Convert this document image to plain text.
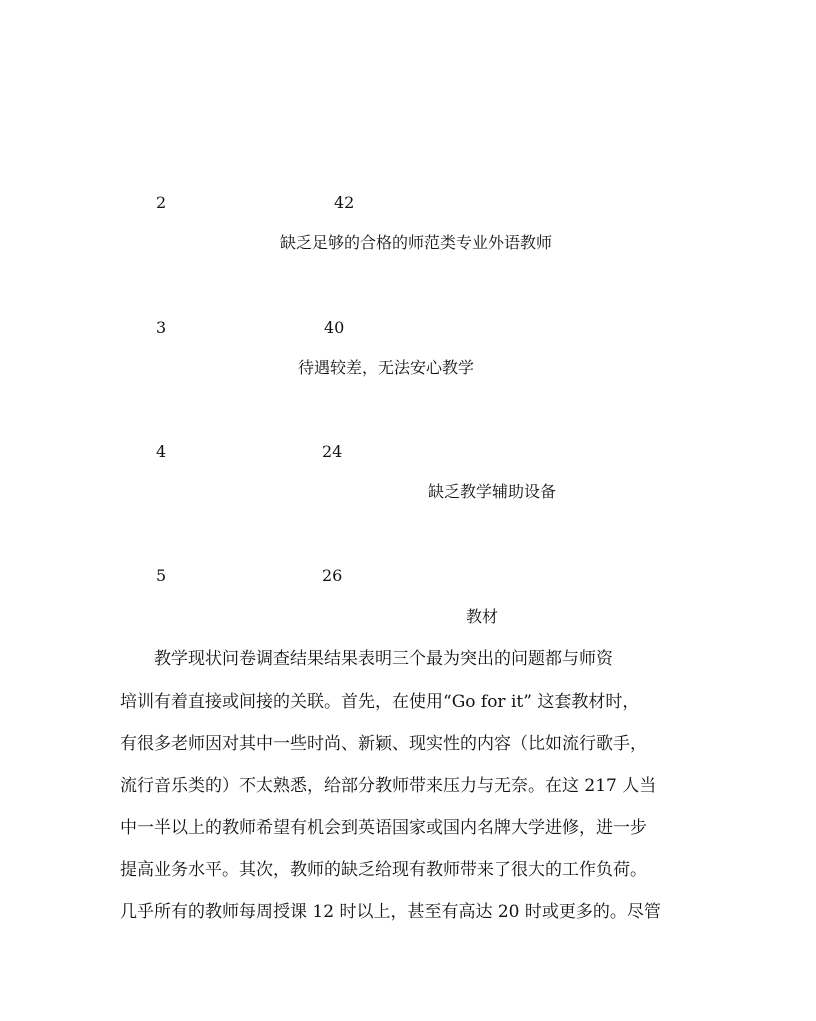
2	42
缺乏足够的合格的师范类专业外语教师
3	40
待遇较差，无法安心教学
4	24
缺乏教学辅助设备
5	26
教材
　　教学现状问卷调查结果结果表明三个最为突出的问题都与师资
培训有着直接或间接的关联。首先，在使用“Go for it” 这套教材时，
有很多老师因对其中一些时尚、新颖、现实性的内容（比如流行歌手，
流行音乐类的）不太熟悉，给部分教师带来压力与无奈。在这 217 人当
中一半以上的教师希望有机会到英语国家或国内名牌大学进修，进一步
提高业务水平。其次，教师的缺乏给现有教师带来了很大的工作负荷。
几乎所有的教师每周授课 12 时以上，甚至有高达 20 时或更多的。尽管
